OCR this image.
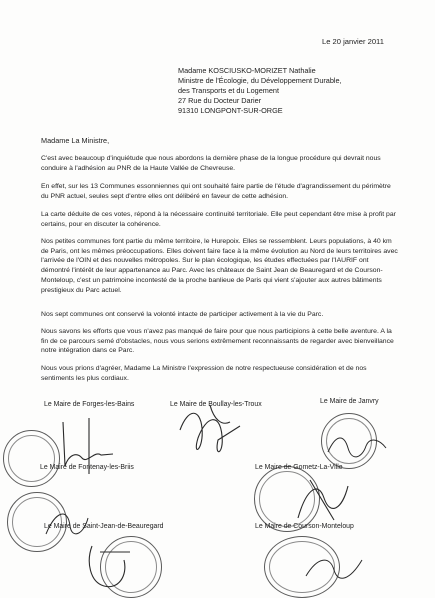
Le 20 janvier 2011
Madame KOSCIUSKO-MORIZET Nathalie
Ministre de l'Écologie, du Développement Durable,
des Transports et du Logement
27 Rue du Docteur Darier
91310 LONGPONT-SUR-ORGE
Madame La Ministre,

C'est avec beaucoup d'inquiétude que nous abordons la dernière phase de la longue procédure qui devrait nous conduire à l'adhésion au PNR de la Haute Vallée de Chevreuse.

En effet, sur les 13 Communes essonniennes qui ont souhaité faire partie de l'étude d'agrandissement du périmètre du PNR actuel, seules sept d'entre elles ont délibéré en faveur de cette adhésion.

La carte déduite de ces votes, répond à la nécessaire continuité territoriale. Elle peut cependant être mise à profit par certains, pour en discuter la cohérence.

Nos petites communes font partie du même territoire, le Hurepoix. Elles se ressemblent. Leurs populations, à 40 km de Paris, ont les mêmes préoccupations. Elles doivent faire face à la même évolution au Nord de leurs territoires avec l'arrivée de l'OIN et des nouvelles métropoles. Sur le plan écologique, les études effectuées par l'IAURIF ont démontré l'intérêt de leur appartenance au Parc. Avec les châteaux de Saint Jean de Beauregard et de Courson-Monteloup, c'est un patrimoine incontesté de la proche banlieue de Paris qui vient s'ajouter aux autres bâtiments prestigieux du Parc actuel.

Nos sept communes ont conservé la volonté intacte de participer activement à la vie du Parc.

Nous savons les efforts que vous n'avez pas manqué de faire pour que nous participions à cette belle aventure. A la fin de ce parcours semé d'obstacles, nous vous serions extrêmement reconnaissants de regarder avec bienveillance notre intégration dans ce Parc.

Nous vous prions d'agréer, Madame La Ministre l'expression de notre respectueuse considération et de nos sentiments les plus cordiaux.

Le Maire de Forges-les-Bains	Le Maire de Boullay-les-Troux	Le Maire de Janvry
Le Maire de Fontenay-les-Briis	Le Maire de Gometz-La-Ville
Le Maire de Saint-Jean-de-Beauregard	Le Maire de Courson-Monteloup
